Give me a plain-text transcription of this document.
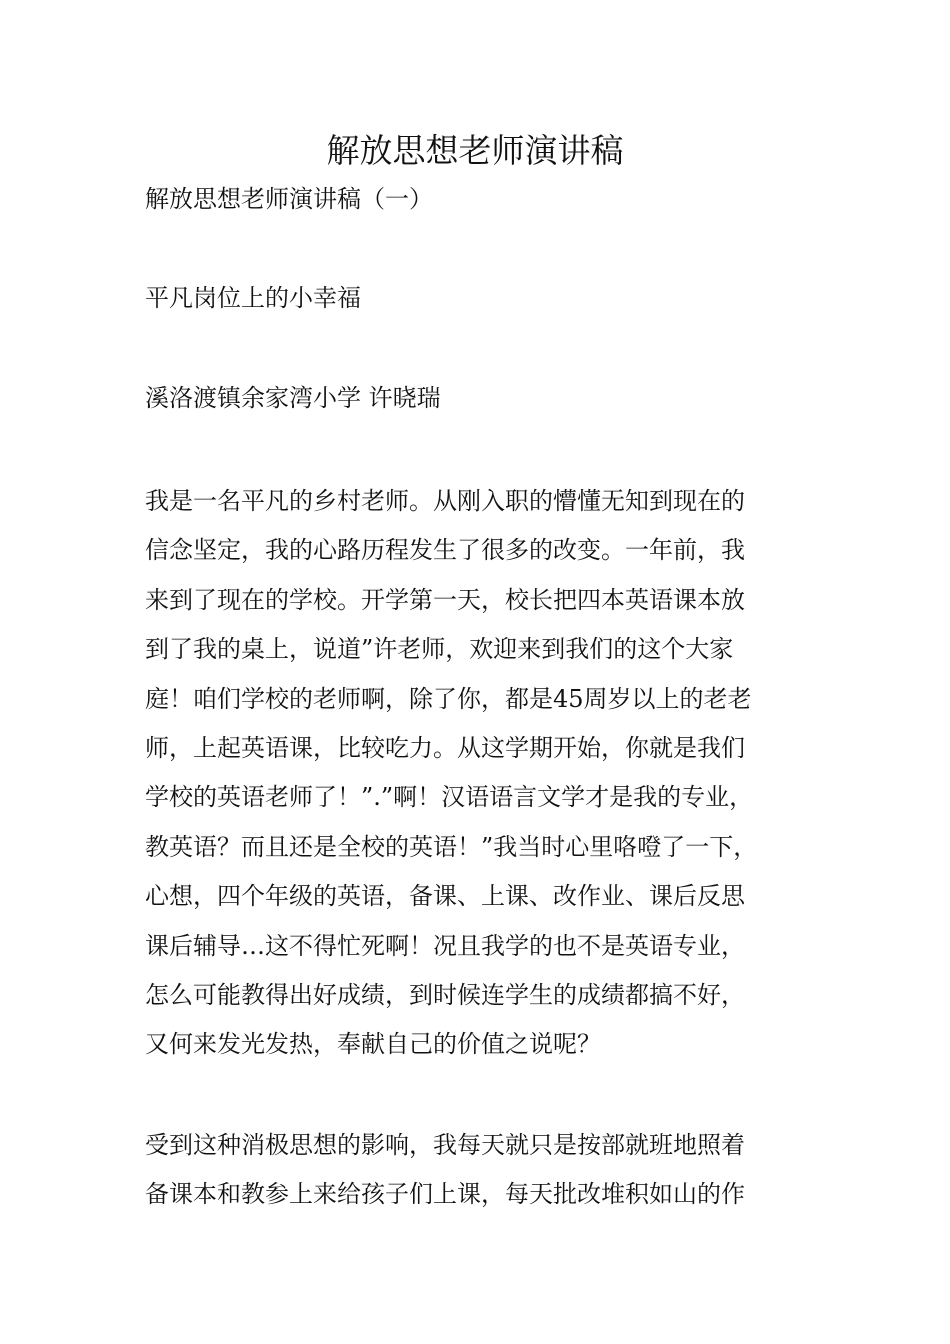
解放思想老师演讲稿
解放思想老师演讲稿（一）
平凡岗位上的小幸福
溪洛渡镇余家湾小学 许晓瑞
我是一名平凡的乡村老师。从刚入职的懵懂无知到现在的
信念坚定，我的心路历程发生了很多的改变。一年前，我
来到了现在的学校。开学第一天，校长把四本英语课本放
到了我的桌上，说道”许老师，欢迎来到我们的这个大家
庭！咱们学校的老师啊，除了你，都是45周岁以上的老老
师，上起英语课，比较吃力。从这学期开始，你就是我们
学校的英语老师了！”.”啊！汉语语言文学才是我的专业，
教英语？而且还是全校的英语！”我当时心里咯噔了一下，
心想，四个年级的英语，备课、上课、改作业、课后反思
课后辅导…这不得忙死啊！况且我学的也不是英语专业，
怎么可能教得出好成绩，到时候连学生的成绩都搞不好，
又何来发光发热，奉献自己的价值之说呢？
受到这种消极思想的影响，我每天就只是按部就班地照着
备课本和教参上来给孩子们上课，每天批改堆积如山的作
